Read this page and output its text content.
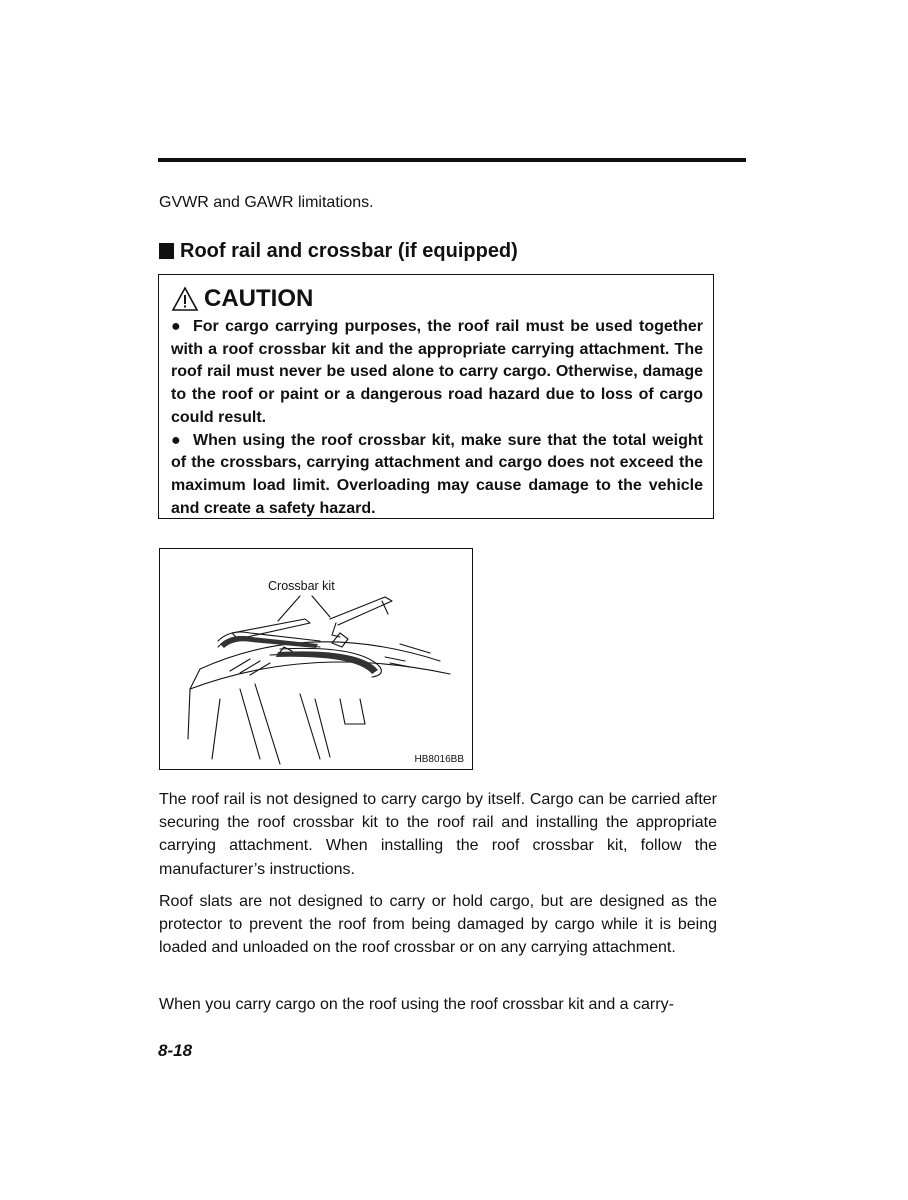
GVWR and GAWR limitations.
Roof rail and crossbar (if equipped)
CAUTION

● For cargo carrying purposes, the roof rail must be used together with a roof crossbar kit and the appropriate carrying attachment. The roof rail must never be used alone to carry cargo. Otherwise, damage to the roof or paint or a dangerous road hazard due to loss of cargo could result.

● When using the roof crossbar kit, make sure that the total weight of the crossbars, carrying attachment and cargo does not exceed the maximum load limit. Overloading may cause damage to the vehicle and create a safety hazard.

Crossbar kit
HB8016BB

The roof rail is not designed to carry cargo by itself. Cargo can be carried after securing the roof crossbar kit to the roof rail and installing the appropriate carrying attachment. When installing the roof crossbar kit, follow the manufacturer’s instructions.

Roof slats are not designed to carry or hold cargo, but are designed as the protector to prevent the roof from being damaged by cargo while it is being loaded and unloaded on the roof crossbar or on any carrying attachment.

When you carry cargo on the roof using the roof crossbar kit and a carry-

8-18
